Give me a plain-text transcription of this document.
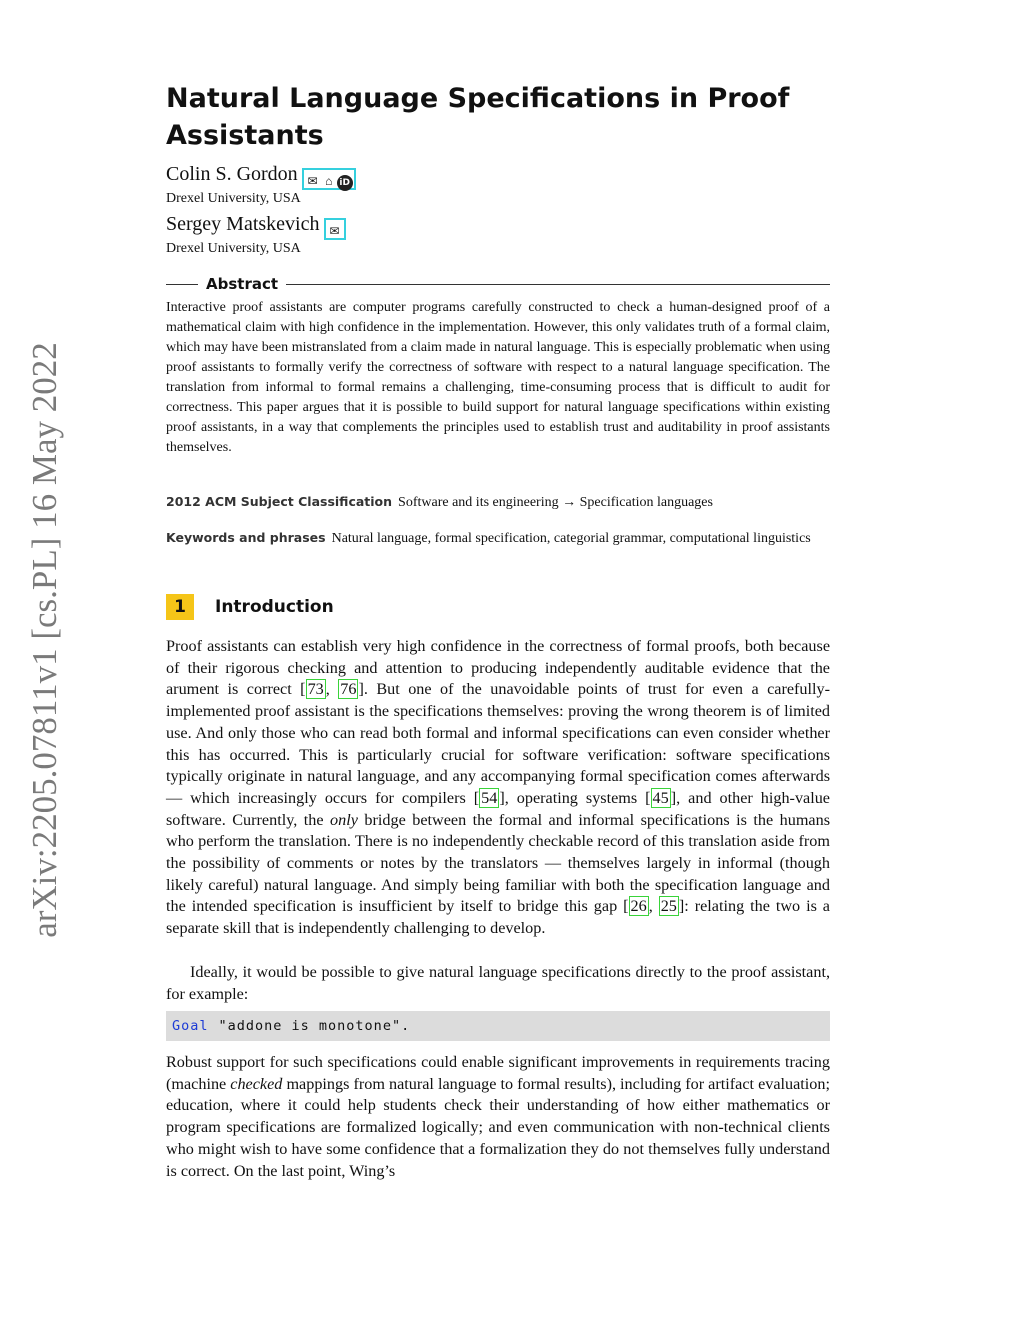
arXiv:2205.07811v1 [cs.PL] 16 May 2022
Natural Language Specifications in Proof Assistants
Colin S. Gordon ✉ ⌂ iD
Drexel University, USA
Sergey Matskevich ✉
Drexel University, USA
Abstract

Interactive proof assistants are computer programs carefully constructed to check a human-designed proof of a mathematical claim with high confidence in the implementation. However, this only validates truth of a formal claim, which may have been mistranslated from a claim made in natural language. This is especially problematic when using proof assistants to formally verify the correctness of software with respect to a natural language specification. The translation from informal to formal remains a challenging, time-consuming process that is difficult to audit for correctness. This paper argues that it is possible to build support for natural language specifications within existing proof assistants, in a way that complements the principles used to establish trust and auditability in proof assistants themselves.

2012 ACM Subject Classification Software and its engineering → Specification languages

Keywords and phrases Natural language, formal specification, categorial grammar, computational linguistics

1	Introduction

Proof assistants can establish very high confidence in the correctness of formal proofs, both because of their rigorous checking and attention to producing independently auditable evidence that the arument is correct [ 73 , 76 ]. But one of the unavoidable points of trust for even a carefully-implemented proof assistant is the specifications themselves: proving the wrong theorem is of limited use. And only those who can read both formal and informal specifications can even consider whether this has occurred. This is particularly crucial for software verification: software specifications typically originate in natural language, and any accompanying formal specification comes afterwards — which increasingly occurs for compilers [ 54 ], operating systems [ 45 ], and other high-value software. Currently, the only bridge between the formal and informal specifications is the humans who perform the translation. There is no independently checkable record of this translation aside from the possibility of comments or notes by the translators — themselves largely in informal (though likely careful) natural language. And simply being familiar with both the specification language and the intended specification is insufficient by itself to bridge this gap [ 26 , 25 ]: relating the two is a separate skill that is independently challenging to develop.

Ideally, it would be possible to give natural language specifications directly to the proof assistant, for example:

Goal "addone is monotone".

Robust support for such specifications could enable significant improvements in requirements tracing (machine checked mappings from natural language to formal results), including for artifact evaluation; education, where it could help students check their understanding of how either mathematics or program specifications are formalized logically; and even communication with non-technical clients who might wish to have some confidence that a formalization they do not themselves fully understand is correct. On the last point, Wing’s
